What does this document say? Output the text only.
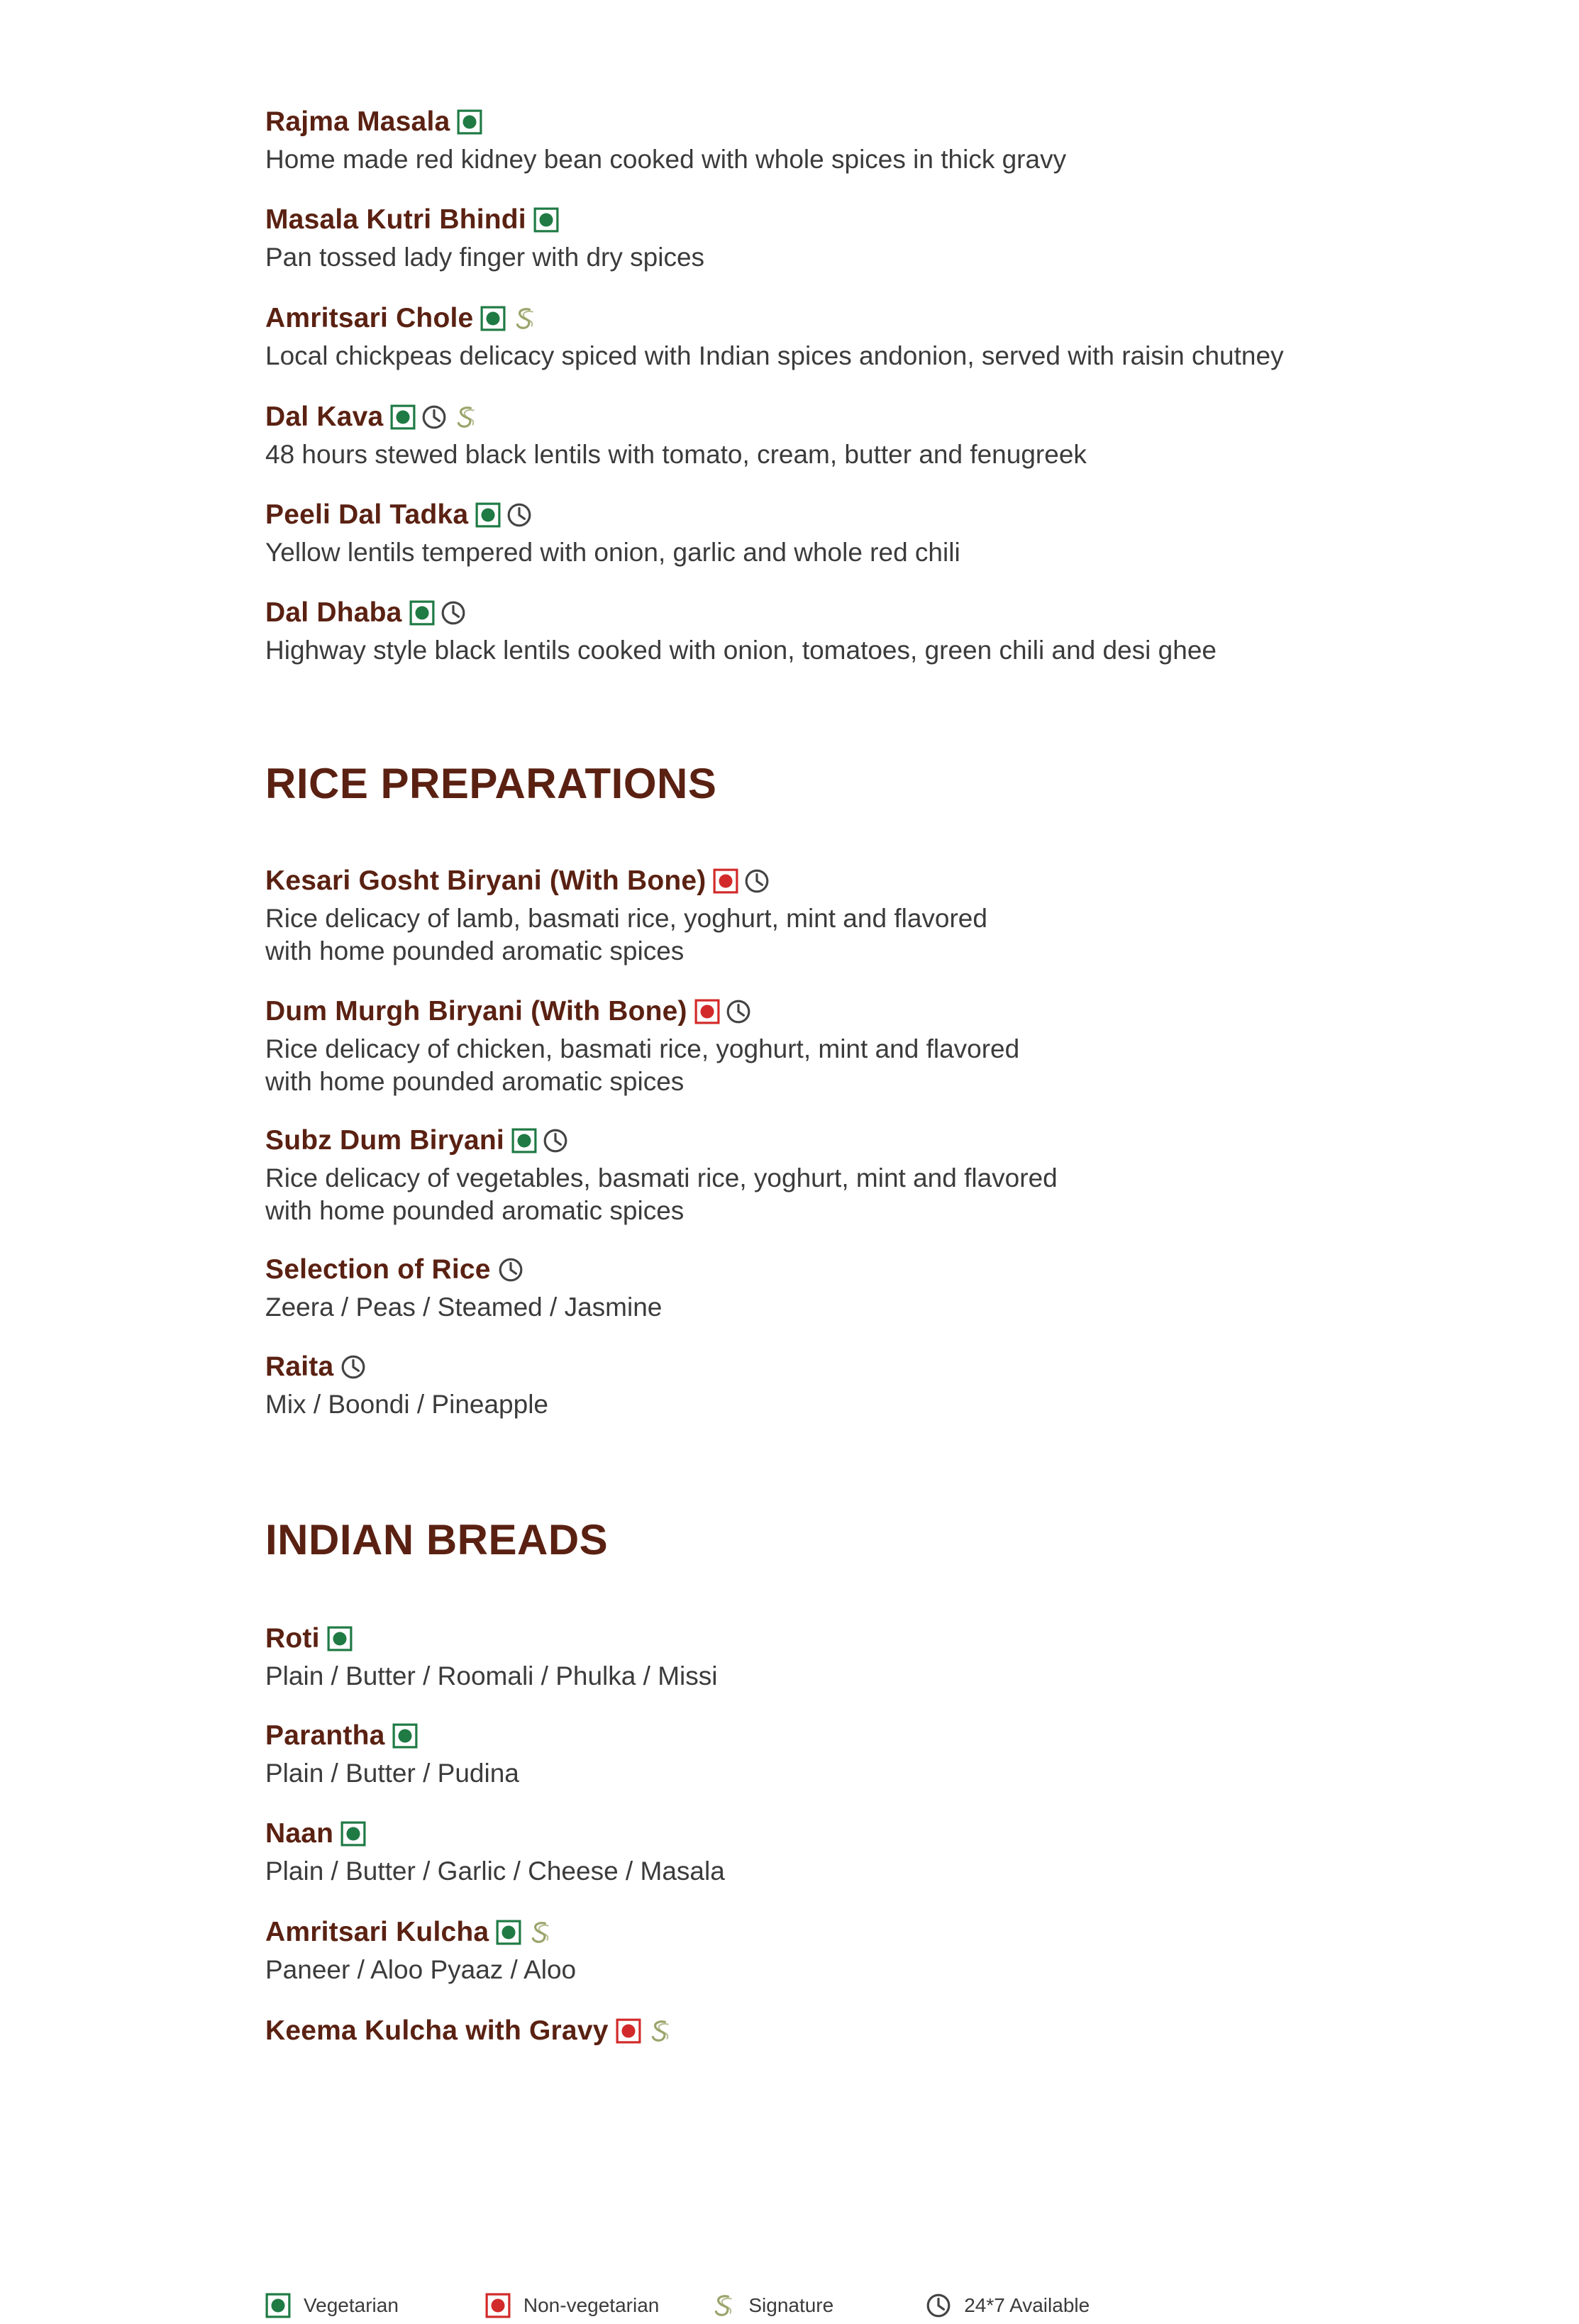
Rajma Masala
Home made red kidney bean cooked with whole spices in thick gravy
Masala Kutri Bhindi
Pan tossed lady finger with dry spices
Amritsari Chole
Local chickpeas delicacy spiced with Indian spices andonion, served with raisin chutney
Dal Kava
48 hours stewed black lentils with tomato, cream, butter and fenugreek
Peeli Dal Tadka
Yellow lentils tempered with onion, garlic and whole red chili
Dal Dhaba
Highway style black lentils cooked with onion, tomatoes, green chili and desi ghee
RICE PREPARATIONS
Kesari Gosht Biryani (With Bone)
Rice delicacy of lamb, basmati rice, yoghurt, mint and flavored
with home pounded aromatic spices
Dum Murgh Biryani (With Bone)
Rice delicacy of chicken, basmati rice, yoghurt, mint and flavored
with home pounded aromatic spices
Subz Dum Biryani
Rice delicacy of vegetables, basmati rice, yoghurt, mint and flavored
with home pounded aromatic spices
Selection of Rice
Zeera / Peas / Steamed / Jasmine
Raita
Mix / Boondi / Pineapple
INDIAN BREADS
Roti
Plain / Butter / Roomali / Phulka / Missi
Parantha
Plain / Butter / Pudina
Naan
Plain / Butter / Garlic / Cheese / Masala
Amritsari Kulcha
Paneer / Aloo Pyaaz / Aloo
Keema Kulcha with Gravy
Vegetarian	Non-vegetarian	Signature	24*7 Available
